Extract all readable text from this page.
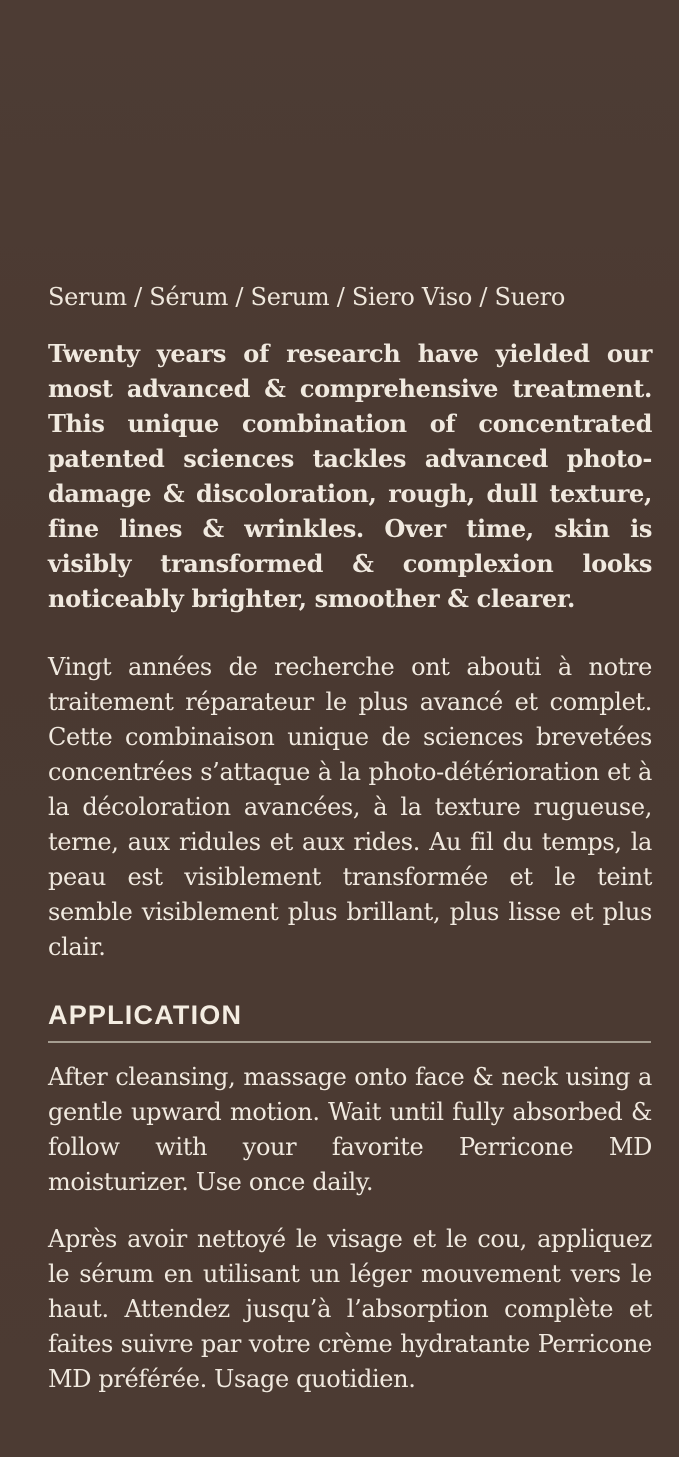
Serum / Sérum / Serum / Siero Viso / Suero

Twenty years of research have yielded our most advanced & comprehensive treatment. This unique combination of concentrated patented sciences tackles advanced photo-damage & discoloration, rough, dull texture, fine lines & wrinkles. Over time, skin is visibly transformed & complexion looks noticeably brighter, smoother & clearer.

Vingt années de recherche ont abouti à notre traitement réparateur le plus avancé et complet. Cette combinaison unique de sciences brevetées concentrées s’attaque à la photo-détérioration et à la décoloration avancées, à la texture rugueuse, terne, aux ridules et aux rides. Au fil du temps, la peau est visiblement transformée et le teint semble visiblement plus brillant, plus lisse et plus clair.

APPLICATION

After cleansing, massage onto face & neck using a gentle upward motion. Wait until fully absorbed & follow with your favorite Perricone MD moisturizer. Use once daily.

Après avoir nettoyé le visage et le cou, appliquez le sérum en utilisant un léger mouvement vers le haut. Attendez jusqu’à l’absorption complète et faites suivre par votre crème hydratante Perricone MD préférée. Usage quotidien.
